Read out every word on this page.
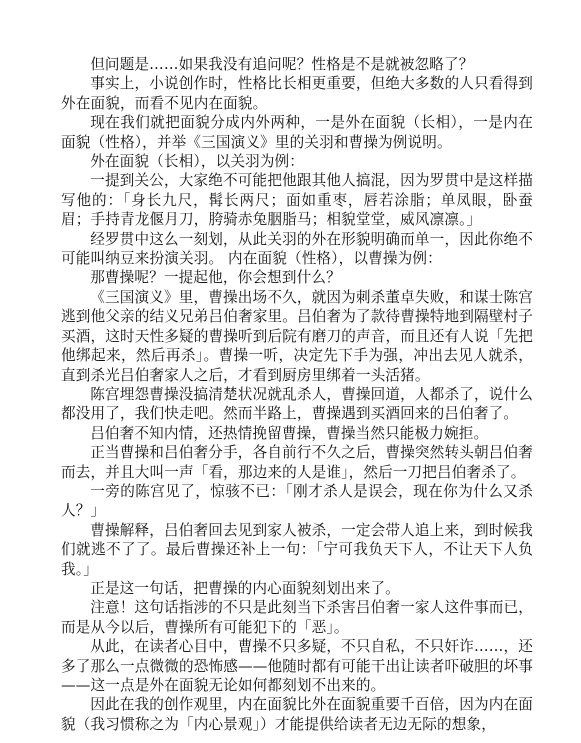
但问题是……如果我没有追问呢？性格是不是就被忽略了？

事实上，小说创作时，性格比长相更重要，但绝大多数的人只看得到外在面貌，而看不见内在面貌。

现在我们就把面貌分成内外两种，一是外在面貌（长相），一是内在面貌（性格），并举《三国演义》里的关羽和曹操为例说明。

外在面貌（长相），以关羽为例：

一提到关公，大家绝不可能把他跟其他人搞混，因为罗贯中是这样描写他的：「身长九尺，髯长两尺；面如重枣，唇若涂脂；单凤眼，卧蚕眉；手持青龙偃月刀，胯骑赤兔胭脂马；相貌堂堂，威风凛凛。」

经罗贯中这么一刻划，从此关羽的外在形貌明确而单一，因此你绝不可能叫纳豆来扮演关羽。 内在面貌（性格），以曹操为例：

那曹操呢？一提起他，你会想到什么？

《三国演义》里，曹操出场不久，就因为刺杀董卓失败，和谋士陈宫逃到他父亲的结义兄弟吕伯奢家里。吕伯奢为了款待曹操特地到隔壁村子买酒，这时天性多疑的曹操听到后院有磨刀的声音，而且还有人说「先把他绑起来，然后再杀」。曹操一听，决定先下手为强，冲出去见人就杀，直到杀光吕伯奢家人之后，才看到厨房里绑着一头活猪。

陈宫埋怨曹操没搞清楚状况就乱杀人，曹操回道，人都杀了，说什么都没用了，我们快走吧。然而半路上，曹操遇到买酒回来的吕伯奢了。

吕伯奢不知内情，还热情挽留曹操，曹操当然只能极力婉拒。

正当曹操和吕伯奢分手，各自前行不久之后，曹操突然转头朝吕伯奢而去，并且大叫一声「看，那边来的人是谁」，然后一刀把吕伯奢杀了。

一旁的陈宫见了，惊骇不已：「刚才杀人是误会，现在你为什么又杀人？」

曹操解释，吕伯奢回去见到家人被杀，一定会带人追上来，到时候我们就逃不了了。最后曹操还补上一句：「宁可我负天下人，不让天下人负我。」

正是这一句话，把曹操的内心面貌刻划出来了。

注意！这句话指涉的不只是此刻当下杀害吕伯奢一家人这件事而已，而是从今以后，曹操所有可能犯下的「恶」。

从此，在读者心目中，曹操不只多疑，不只自私，不只奸诈……，还多了那么一点微微的恐怖感——他随时都有可能干出让读者吓破胆的坏事——这一点是外在面貌无论如何都刻划不出来的。

因此在我的创作观里，内在面貌比外在面貌重要千百倍，因为内在面貌（我习惯称之为「内心景观」）才能提供给读者无边无际的想象，
